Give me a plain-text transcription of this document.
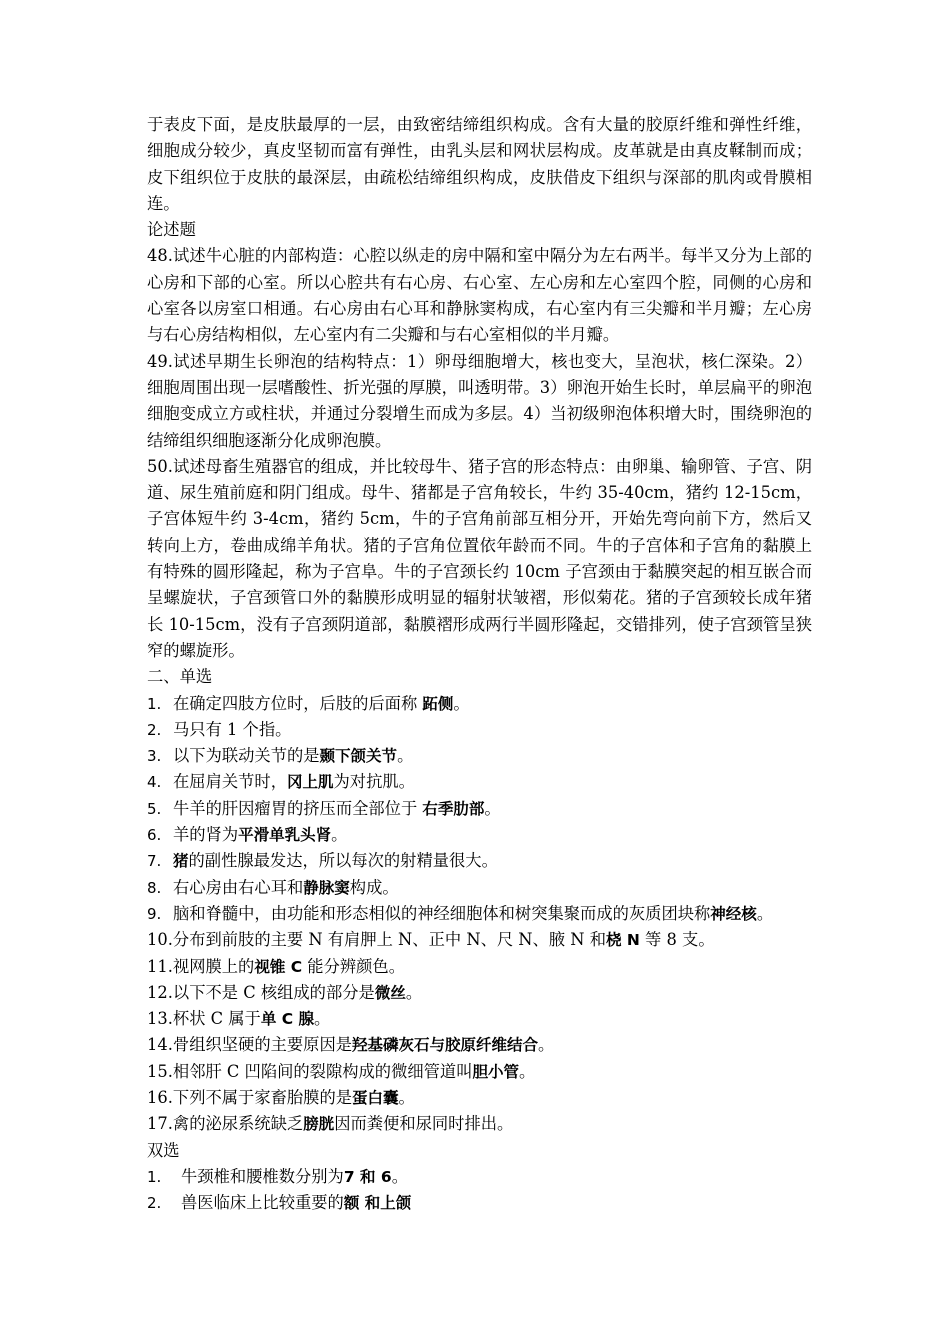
于表皮下面，是皮肤最厚的一层，由致密结缔组织构成。含有大量的胶原纤维和弹性纤维，细胞成分较少，真皮坚韧而富有弹性，由乳头层和网状层构成。皮革就是由真皮鞣制而成；皮下组织位于皮肤的最深层，由疏松结缔组织构成，皮肤借皮下组织与深部的肌肉或骨膜相连。

论述题

48.试述牛心脏的内部构造：心腔以纵走的房中隔和室中隔分为左右两半。每半又分为上部的心房和下部的心室。所以心腔共有右心房、右心室、左心房和左心室四个腔，同侧的心房和心室各以房室口相通。右心房由右心耳和静脉窦构成，右心室内有三尖瓣和半月瓣；左心房与右心房结构相似，左心室内有二尖瓣和与右心室相似的半月瓣。

49.试述早期生长卵泡的结构特点：1）卵母细胞增大，核也变大，呈泡状，核仁深染。2）细胞周围出现一层嗜酸性、折光强的厚膜，叫透明带。3）卵泡开始生长时，单层扁平的卵泡细胞变成立方或柱状，并通过分裂增生而成为多层。4）当初级卵泡体积增大时，围绕卵泡的结缔组织细胞逐渐分化成卵泡膜。

50.试述母畜生殖器官的组成，并比较母牛、猪子宫的形态特点：由卵巢、输卵管、子宫、阴道、尿生殖前庭和阴门组成。母牛、猪都是子宫角较长，牛约 35-40cm，猪约 12-15cm，子宫体短牛约 3-4cm，猪约 5cm，牛的子宫角前部互相分开，开始先弯向前下方，然后又转向上方，卷曲成绵羊角状。猪的子宫角位置依年龄而不同。牛的子宫体和子宫角的黏膜上有特殊的圆形隆起，称为子宫阜。牛的子宫颈长约 10cm 子宫颈由于黏膜突起的相互嵌合而呈螺旋状，子宫颈管口外的黏膜形成明显的辐射状皱褶，形似菊花。猪的子宫颈较长成年猪长 10-15cm，没有子宫颈阴道部，黏膜褶形成两行半圆形隆起，交错排列，使子宫颈管呈狭窄的螺旋形。

二、单选
1. 在确定四肢方位时，后肢的后面称 跖侧。
2. 马只有 1 个指。
3. 以下为联动关节的是颞下颌关节。
4. 在屈肩关节时，冈上肌为对抗肌。
5. 牛羊的肝因瘤胃的挤压而全部位于 右季肋部。
6. 羊的肾为平滑单乳头肾。
7. 猪的副性腺最发达，所以每次的射精量很大。
8. 右心房由右心耳和静脉窦构成。
9. 脑和脊髓中，由功能和形态相似的神经细胞体和树突集聚而成的灰质团块称神经核。
10.分布到前肢的主要 N 有肩胛上 N、正中 N、尺 N、腋 N 和桡 N 等 8 支。
11.视网膜上的视锥 C 能分辨颜色。
12.以下不是 C 核组成的部分是微丝。
13.杯状 C 属于单 C 腺。
14.骨组织坚硬的主要原因是羟基磷灰石与胶原纤维结合。
15.相邻肝 C 凹陷间的裂隙构成的微细管道叫胆小管。
16.下列不属于家畜胎膜的是蛋白囊。
17.禽的泌尿系统缺乏膀胱因而粪便和尿同时排出。
双选
1. 牛颈椎和腰椎数分别为7 和 6。
2. 兽医临床上比较重要的额 和上颌
